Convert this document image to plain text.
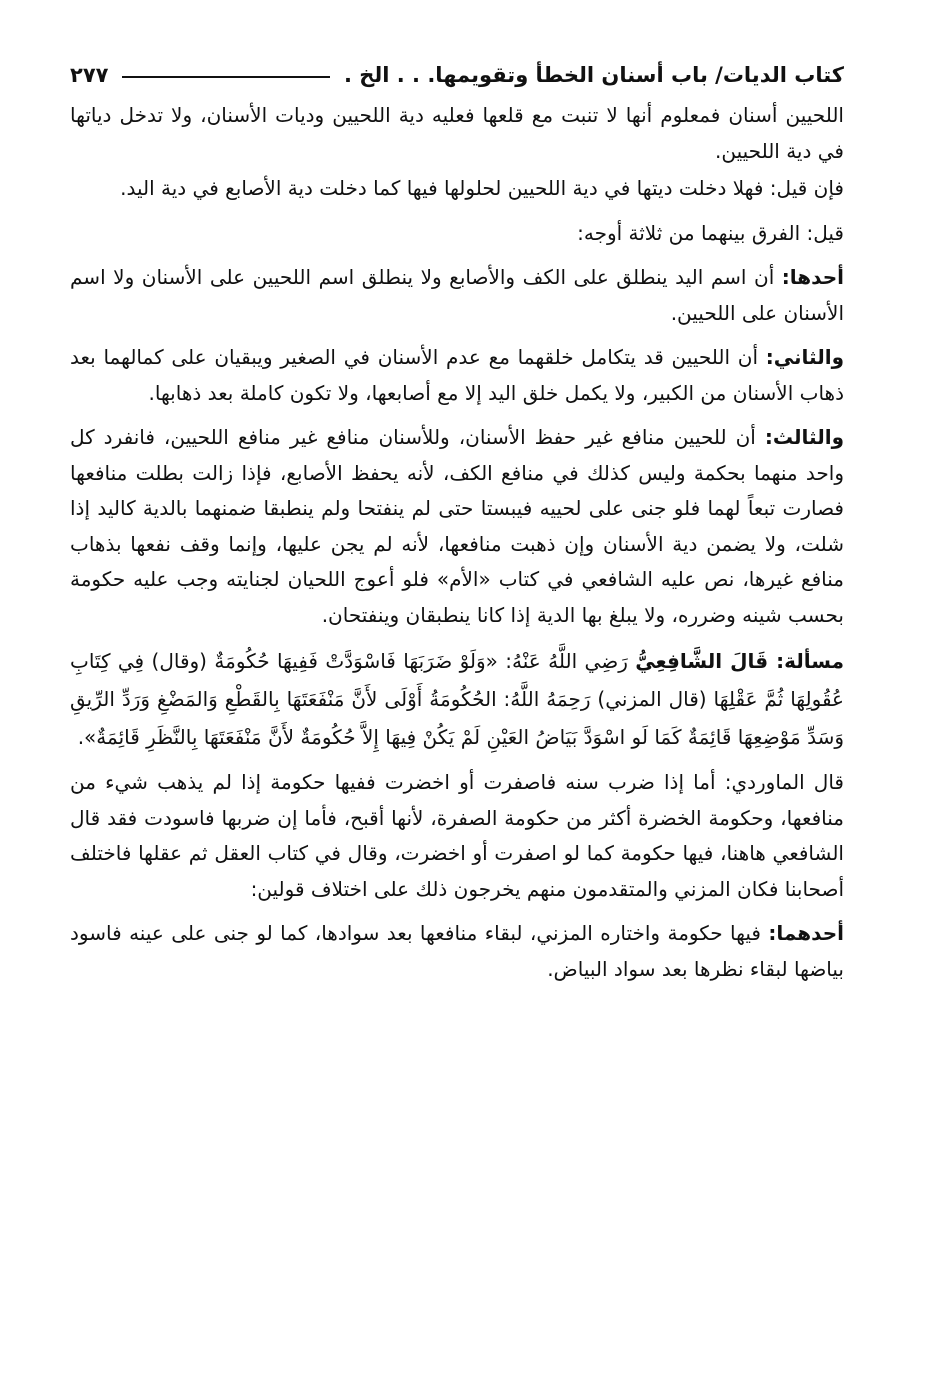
كتاب الديات/ باب أسنان الخطأ وتقويمها. . . الخ .
٢٧٧

اللحيين أسنان فمعلوم أنها لا تنبت مع قلعها فعليه دية اللحيين وديات الأسنان، ولا تدخل دياتها في دية اللحيين.

فإن قيل: فهلا دخلت ديتها في دية اللحيين لحلولها فيها كما دخلت دية الأصابع في دية اليد.

قيل: الفرق بينهما من ثلاثة أوجه:

أحدها: أن اسم اليد ينطلق على الكف والأصابع ولا ينطلق اسم اللحيين على الأسنان ولا اسم الأسنان على اللحيين.

والثاني: أن اللحيين قد يتكامل خلقهما مع عدم الأسنان في الصغير ويبقيان على كمالهما بعد ذهاب الأسنان من الكبير، ولا يكمل خلق اليد إلا مع أصابعها، ولا تكون كاملة بعد ذهابها.

والثالث: أن للحيين منافع غير حفظ الأسنان، وللأسنان منافع غير منافع اللحيين، فانفرد كل واحد منهما بحكمة وليس كذلك في منافع الكف، لأنه يحفظ الأصابع، فإذا زالت بطلت منافعها فصارت تبعاً لهما فلو جنى على لحييه فيبستا حتى لم ينفتحا ولم ينطبقا ضمنهما بالدية كاليد إذا شلت، ولا يضمن دية الأسنان وإن ذهبت منافعها، لأنه لم يجن عليها، وإنما وقف نفعها بذهاب منافع غيرها، نص عليه الشافعي في كتاب «الأم» فلو أعوج اللحيان لجنايته وجب عليه حكومة بحسب شينه وضرره، ولا يبلغ بها الدية إذا كانا ينطبقان وينفتحان.

مسألة: قَالَ الشَّافِعِيُّ رَضِي اللَّهُ عَنْهُ: «وَلَوْ ضَرَبَهَا فَاسْوَدَّتْ فَفِيهَا حُكُومَةٌ (وقال) فِي كِتَابِ عُقُولِهَا ثُمَّ عَقْلِهَا (قال المزني) رَحِمَهُ اللَّهُ: الحُكُومَةُ أَوْلَى لأَنَّ مَنْفَعَتَهَا بِالقَطْعِ وَالمَضْغِ وَرَدِّ الرِّيقِ وَسَدِّ مَوْضِعِهَا قَائِمَةٌ كَمَا لَو اسْوَدَّ بَيَاضُ العَيْنِ لَمْ يَكُنْ فِيهَا إِلاَّ حُكُومَةٌ لأَنَّ مَنْفَعَتَهَا بِالنَّظَرِ قَائِمَةٌ».

قال الماوردي: أما إذا ضرب سنه فاصفرت أو اخضرت ففيها حكومة إذا لم يذهب شيء من منافعها، وحكومة الخضرة أكثر من حكومة الصفرة، لأنها أقبح، فأما إن ضربها فاسودت فقد قال الشافعي هاهنا، فيها حكومة كما لو اصفرت أو اخضرت، وقال في كتاب العقل ثم عقلها فاختلف أصحابنا فكان المزني والمتقدمون منهم يخرجون ذلك على اختلاف قولين:

أحدهما: فيها حكومة واختاره المزني، لبقاء منافعها بعد سوادها، كما لو جنى على عينه فاسود بياضها لبقاء نظرها بعد سواد البياض.
